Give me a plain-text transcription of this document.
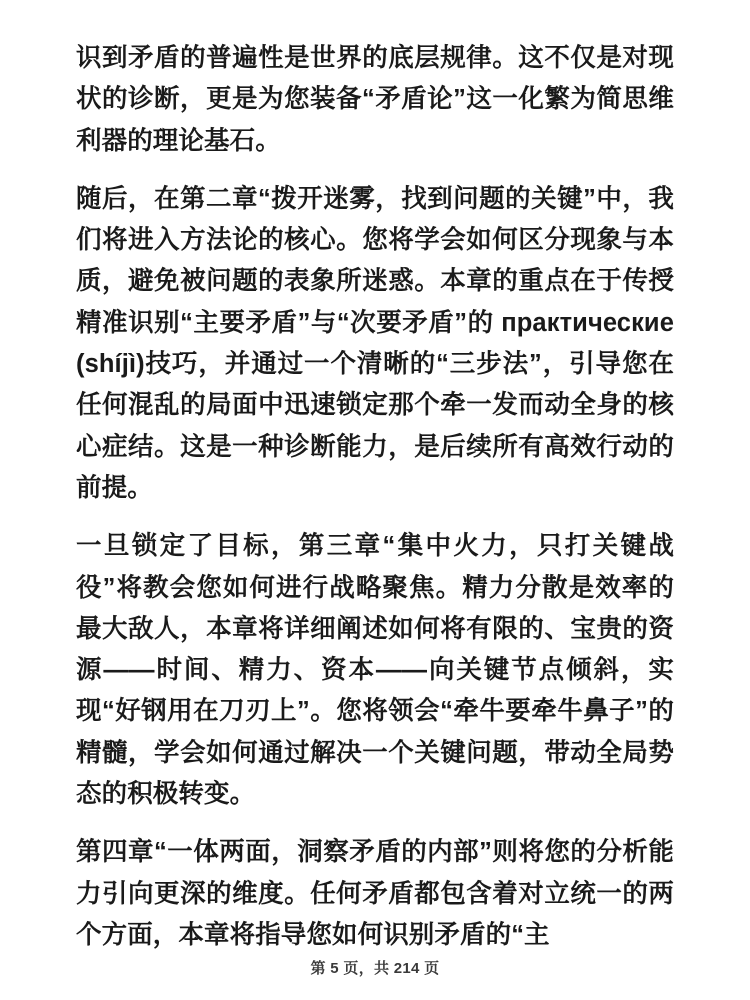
识到矛盾的普遍性是世界的底层规律。这不仅是对现状的诊断，更是为您装备“矛盾论”这一化繁为简思维利器的理论基石。

随后，在第二章“拨开迷雾，找到问题的关键”中，我们将进入方法论的核心。您将学会如何区分现象与本质，避免被问题的表象所迷惑。本章的重点在于传授精准识别“主要矛盾”与“次要矛盾”的 практические (shíjì)技巧，并通过一个清晰的“三步法”，引导您在任何混乱的局面中迅速锁定那个牵一发而动全身的核心症结。这是一种诊断能力，是后续所有高效行动的前提。

一旦锁定了目标，第三章“集中火力，只打关键战役”将教会您如何进行战略聚焦。精力分散是效率的最大敌人，本章将详细阐述如何将有限的、宝贵的资源——时间、精力、资本——向关键节点倾斜，实现“好钢用在刀刃上”。您将领会“牵牛要牵牛鼻子”的精髓，学会如何通过解决一个关键问题，带动全局势态的积极转变。

第四章“一体两面，洞察矛盾的内部”则将您的分析能力引向更深的维度。任何矛盾都包含着对立统一的两个方面，本章将指导您如何识别矛盾的“主

第 5 页，共 214 页
